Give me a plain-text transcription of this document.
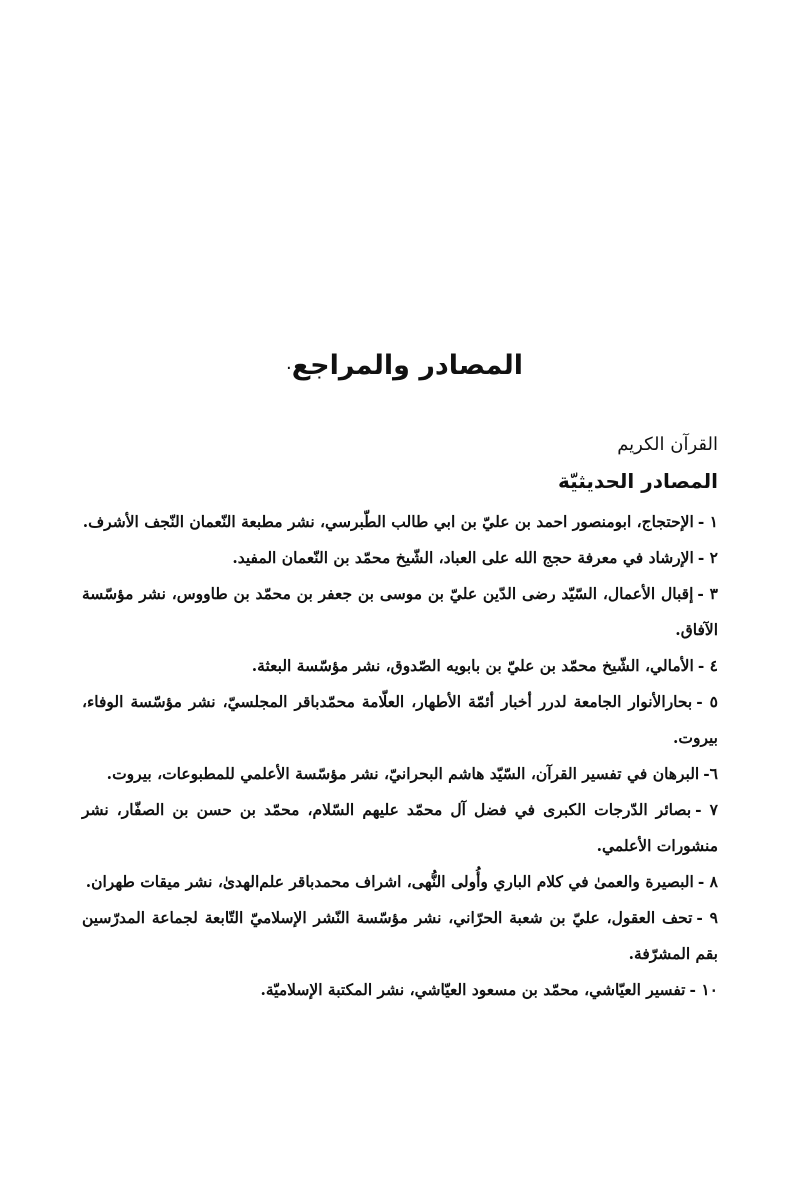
المصادر والمراجع·

القرآن الكريم

المصادر الحديثيّة
١ -الإحتجاج، ابومنصور احمد بن عليّ بن ابي طالب الطّبرسي، نشر مطبعة النّعمان النّجف الأشرف.
٢ -الإرشاد في معرفة حجج الله على العباد، الشّيخ محمّد بن النّعمان المفيد.
٣ -إقبال الأعمال، السّيّد رضى الدّين عليّ بن موسى بن جعفر بن محمّد بن طاووس، نشر مؤسّسة الآفاق.
٤ -الأمالي، الشّيخ محمّد بن عليّ بن بابويه الصّدوق، نشر مؤسّسة البعثة.
٥ -بحارالأنوار الجامعة لدرر أخبار أئمّة الأطهار، العلّامة محمّدباقر المجلسيّ، نشر مؤسّسة الوفاء، بيروت.
٦-البرهان في تفسير القرآن، السّيّد هاشم البحرانيّ، نشر مؤسّسة الأعلمي للمطبوعات، بيروت.
٧ -بصائر الدّرجات الكبرى في فضل آل محمّد عليهم السّلام، محمّد بن حسن بن الصفّار، نشر منشورات الأعلمي.
٨ -البصيرة والعمىٰ في كلام الباري وأُولى النُّهى، اشراف محمدباقر علم‌الهدىٰ، نشر ميقات طهران.
٩ -تحف العقول، عليّ بن شعبة الحرّاني، نشر مؤسّسة النّشر الإسلاميّ التّابعة لجماعة المدرّسين بقم المشرّفة.
١٠ -تفسير العيّاشي، محمّد بن مسعود العيّاشي، نشر المكتبة الإسلاميّة.
